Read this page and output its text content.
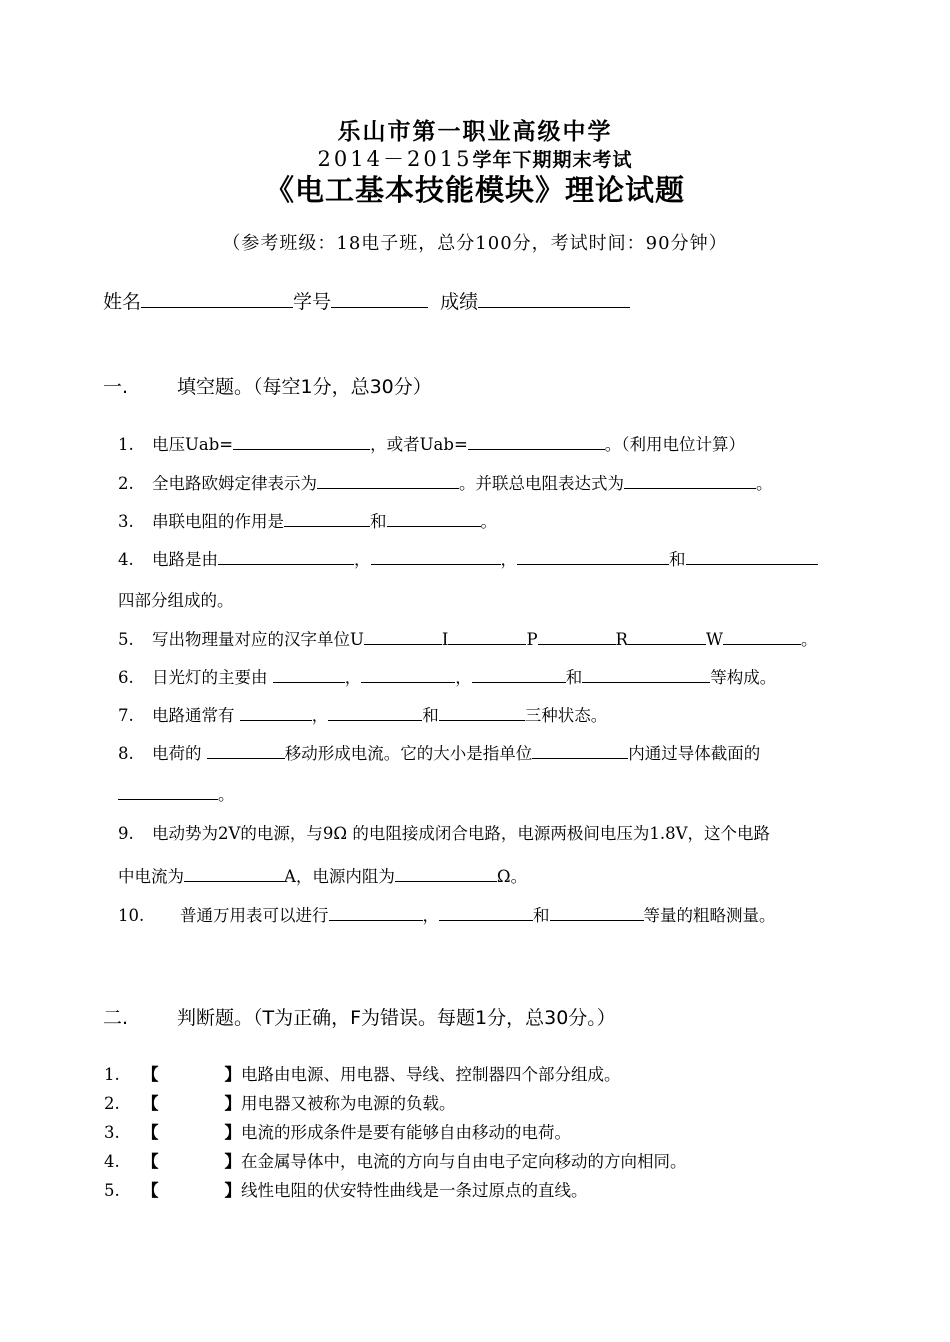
乐山市第一职业高级中学
2014－2015学年下期期末考试
《电工基本技能模块》理论试题
（参考班级：18电子班，总分100分，考试时间：90分钟）
姓名	学号	成绩
一.	填空题。（每空1分，总30分）
1. 电压Uab=	，或者Uab=	。（利用电位计算）
2. 全电路欧姆定律表示为	。并联总电阻表达式为	。
3. 串联电阻的作用是	和	。
4. 电路是由	，	，	和
四部分组成的。
5. 写出物理量对应的汉字单位U	I	P	R	W	。
6. 日光灯的主要由	，	，	和	等构成。
7. 电路通常有	，	和	三种状态。
8. 电荷的	移动形成电流。它的大小是指单位	内通过导体截面的
。
9. 电动势为2V的电源，与9Ω 的电阻接成闭合电路，电源两极间电压为1.8V，这个电路
中电流为	A，电源内阻为	Ω。
10. 普通万用表可以进行	，	和	等量的粗略测量。
二.	判断题。（T为正确，F为错误。每题1分，总30分。）
1. 【	】电路由电源、用电器、导线、控制器四个部分组成。
2. 【	】用电器又被称为电源的负载。
3. 【	】电流的形成条件是要有能够自由移动的电荷。
4. 【	】在金属导体中，电流的方向与自由电子定向移动的方向相同。
5. 【	】线性电阻的伏安特性曲线是一条过原点的直线。
